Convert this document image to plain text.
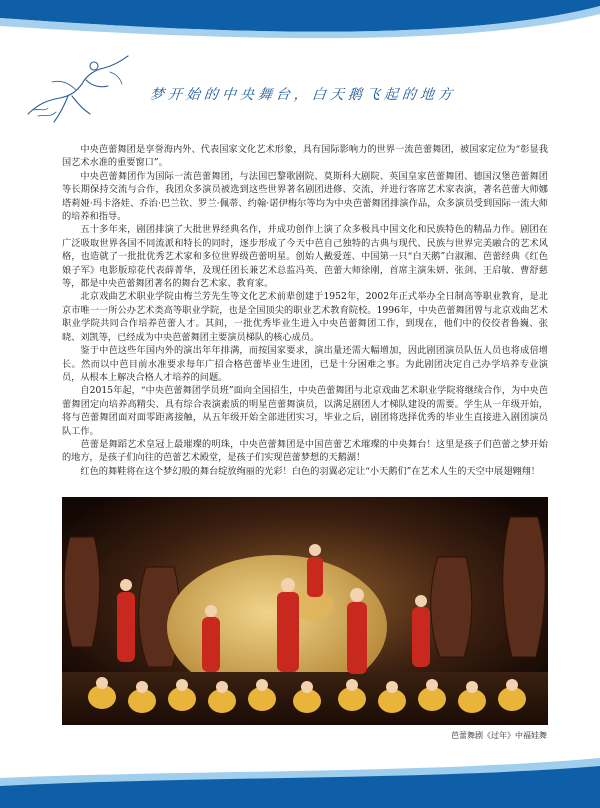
梦开始的中央舞台，白天鹅飞起的地方

中央芭蕾舞团是享誉海内外、代表国家文化艺术形象，具有国际影响力的世界一流芭蕾舞团，被国家定位为“彰显我国艺术水准的重要窗口”。

中央芭蕾舞团作为国际一流芭蕾舞团，与法国巴黎歌剧院、莫斯科大剧院、英国皇家芭蕾舞团、德国汉堡芭蕾舞团等长期保持交流与合作，我团众多演员被选到这些世界著名剧团进修、交流，并进行客席艺术家表演，著名芭蕾大师娜塔莉娅·玛卡洛娃、乔治·巴兰钦、罗兰·佩蒂、约翰·诺伊梅尔等均为中央芭蕾舞团排演作品，众多演员受到国际一流大师的培养和指导。

五十多年来，剧团排演了大批世界经典名作，并成功创作上演了众多极具中国文化和民族特色的精品力作。剧团在广泛吸取世界各国不同流派和特长的同时，逐步形成了今天中芭自己独特的古典与现代、民族与世界完美融合的艺术风格，也造就了一批批优秀艺术家和多位世界级芭蕾明星。创始人戴爱莲、中国第一只“白天鹅”白淑湘、芭蕾经典《红色娘子军》电影版琼花代表薛菁华，及现任团长兼艺术总监冯英、芭蕾大师徐刚，首席主演朱妍、张剑、王启敏、曹舒慈等，都是中央芭蕾舞团著名的舞台艺术家、教育家。

北京戏曲艺术职业学院由梅兰芳先生等文化艺术前辈创建于1952年，2002年正式举办全日制高等职业教育，是北京市唯一一所公办艺术类高等职业学院，也是全国顶尖的职业艺术教育院校。1996年，中央芭蕾舞团曾与北京戏曲艺术职业学院共同合作培养芭蕾人才。其间，一批优秀毕业生进入中央芭蕾舞团工作，到现在，他们中的佼佼者鲁巍、张晓、刘凯等，已经成为中央芭蕾舞团主要演员梯队的核心成员。

鉴于中芭这些年国内外的演出年年排满，而按国家要求，演出量还需大幅增加，因此剧团演员队伍人员也将成倍增长。然而以中芭目前水准要求每年广招合格芭蕾毕业生进团，已是十分困难之事。为此剧团决定自己办学培养专业演员，从根本上解决合格人才培养的问题。

自2015年起，“中央芭蕾舞团学员班”面向全国招生，中央芭蕾舞团与北京戏曲艺术职业学院将继续合作，为中央芭蕾舞团定向培养高精尖、具有综合表演素质的明星芭蕾舞演员，以满足剧团人才梯队建设的需要。学生从一年级开始，将与芭蕾舞团面对面零距离接触，从五年级开始全部进团实习，毕业之后，剧团将选择优秀的毕业生直接进入剧团演员队工作。

芭蕾是舞蹈艺术皇冠上最璀璨的明珠，中央芭蕾舞团是中国芭蕾艺术璀璨的中央舞台！这里是孩子们芭蕾之梦开始的地方，是孩子们向往的芭蕾艺术殿堂，是孩子们实现芭蕾梦想的天鹅湖！

红色的舞鞋将在这个梦幻般的舞台绽放绚丽的光彩！白色的羽翼必定让“小天鹅们”在艺术人生的天空中展翅翱翔！

芭蕾舞剧《过年》中福娃舞
